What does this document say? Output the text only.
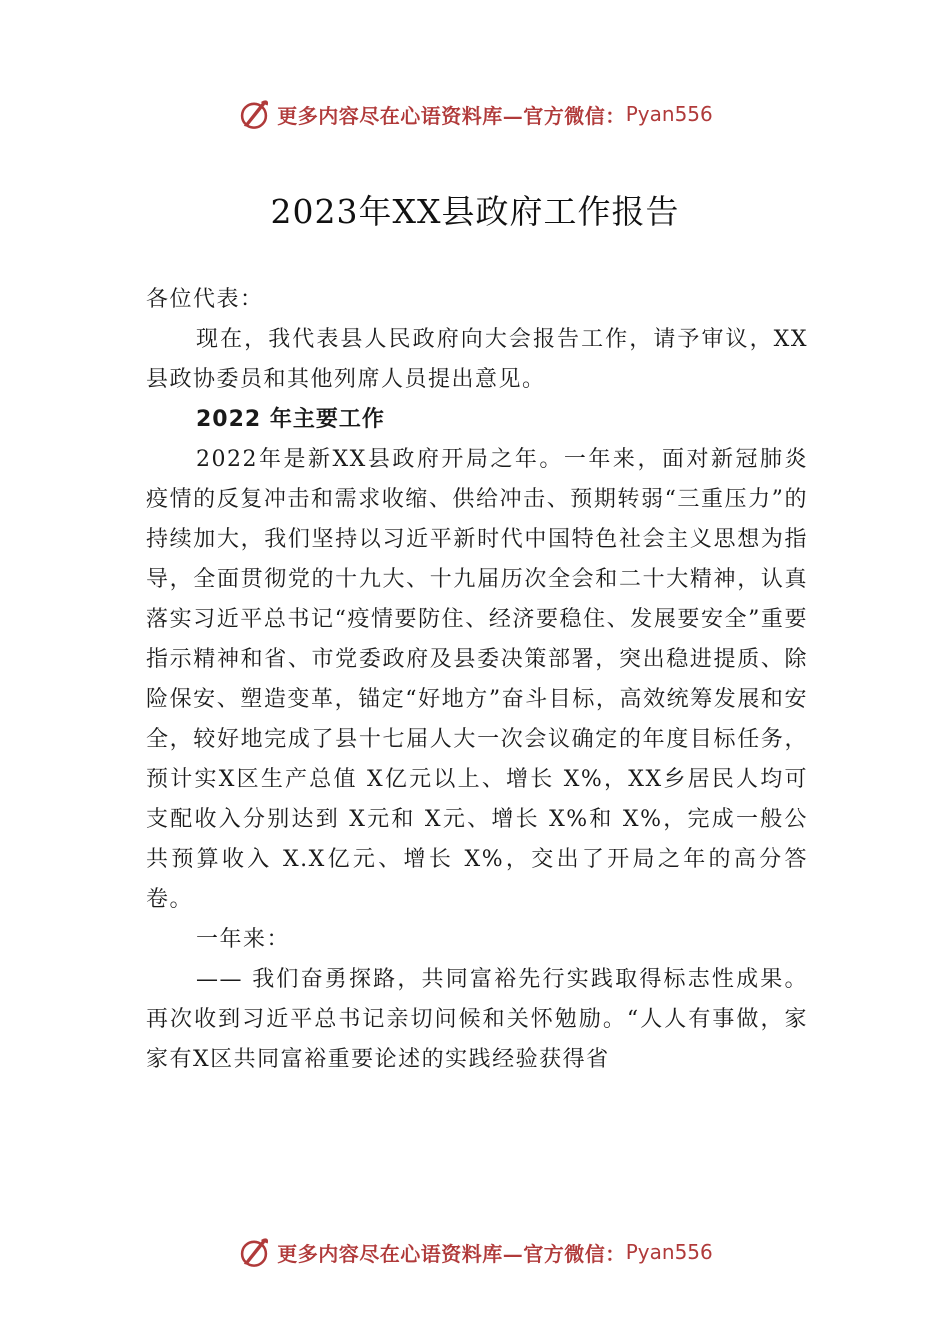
更多内容尽在心语资料库—官方微信： Pyan556
2023年XX县政府工作报告

各位代表：

现在，我代表县人民政府向大会报告工作，请予审议，XX县政协委员和其他列席人员提出意见。

2022 年主要工作

2022年是新XX县政府开局之年。一年来，面对新冠肺炎疫情的反复冲击和需求收缩、供给冲击、预期转弱“三重压力”的持续加大，我们坚持以习近平新时代中国特色社会主义思想为指导，全面贯彻党的十九大、十九届历次全会和二十大精神，认真落实习近平总书记“疫情要防住、经济要稳住、发展要安全”重要指示精神和省、市党委政府及县委决策部署，突出稳进提质、除险保安、塑造变革，锚定“好地方”奋斗目标，高效统筹发展和安全，较好地完成了县十七届人大一次会议确定的年度目标任务，预计实X区生产总值 X亿元以上、增长 X%，XX乡居民人均可支配收入分别达到 X元和 X元、增长 X%和 X%，完成一般公共预算收入 X.X亿元、增长 X%，交出了开局之年的高分答卷。

一年来：

—— 我们奋勇探路，共同富裕先行实践取得标志性成果。再次收到习近平总书记亲切问候和关怀勉励。“人人有事做，家家有X区共同富裕重要论述的实践经验获得省

更多内容尽在心语资料库—官方微信： Pyan556
